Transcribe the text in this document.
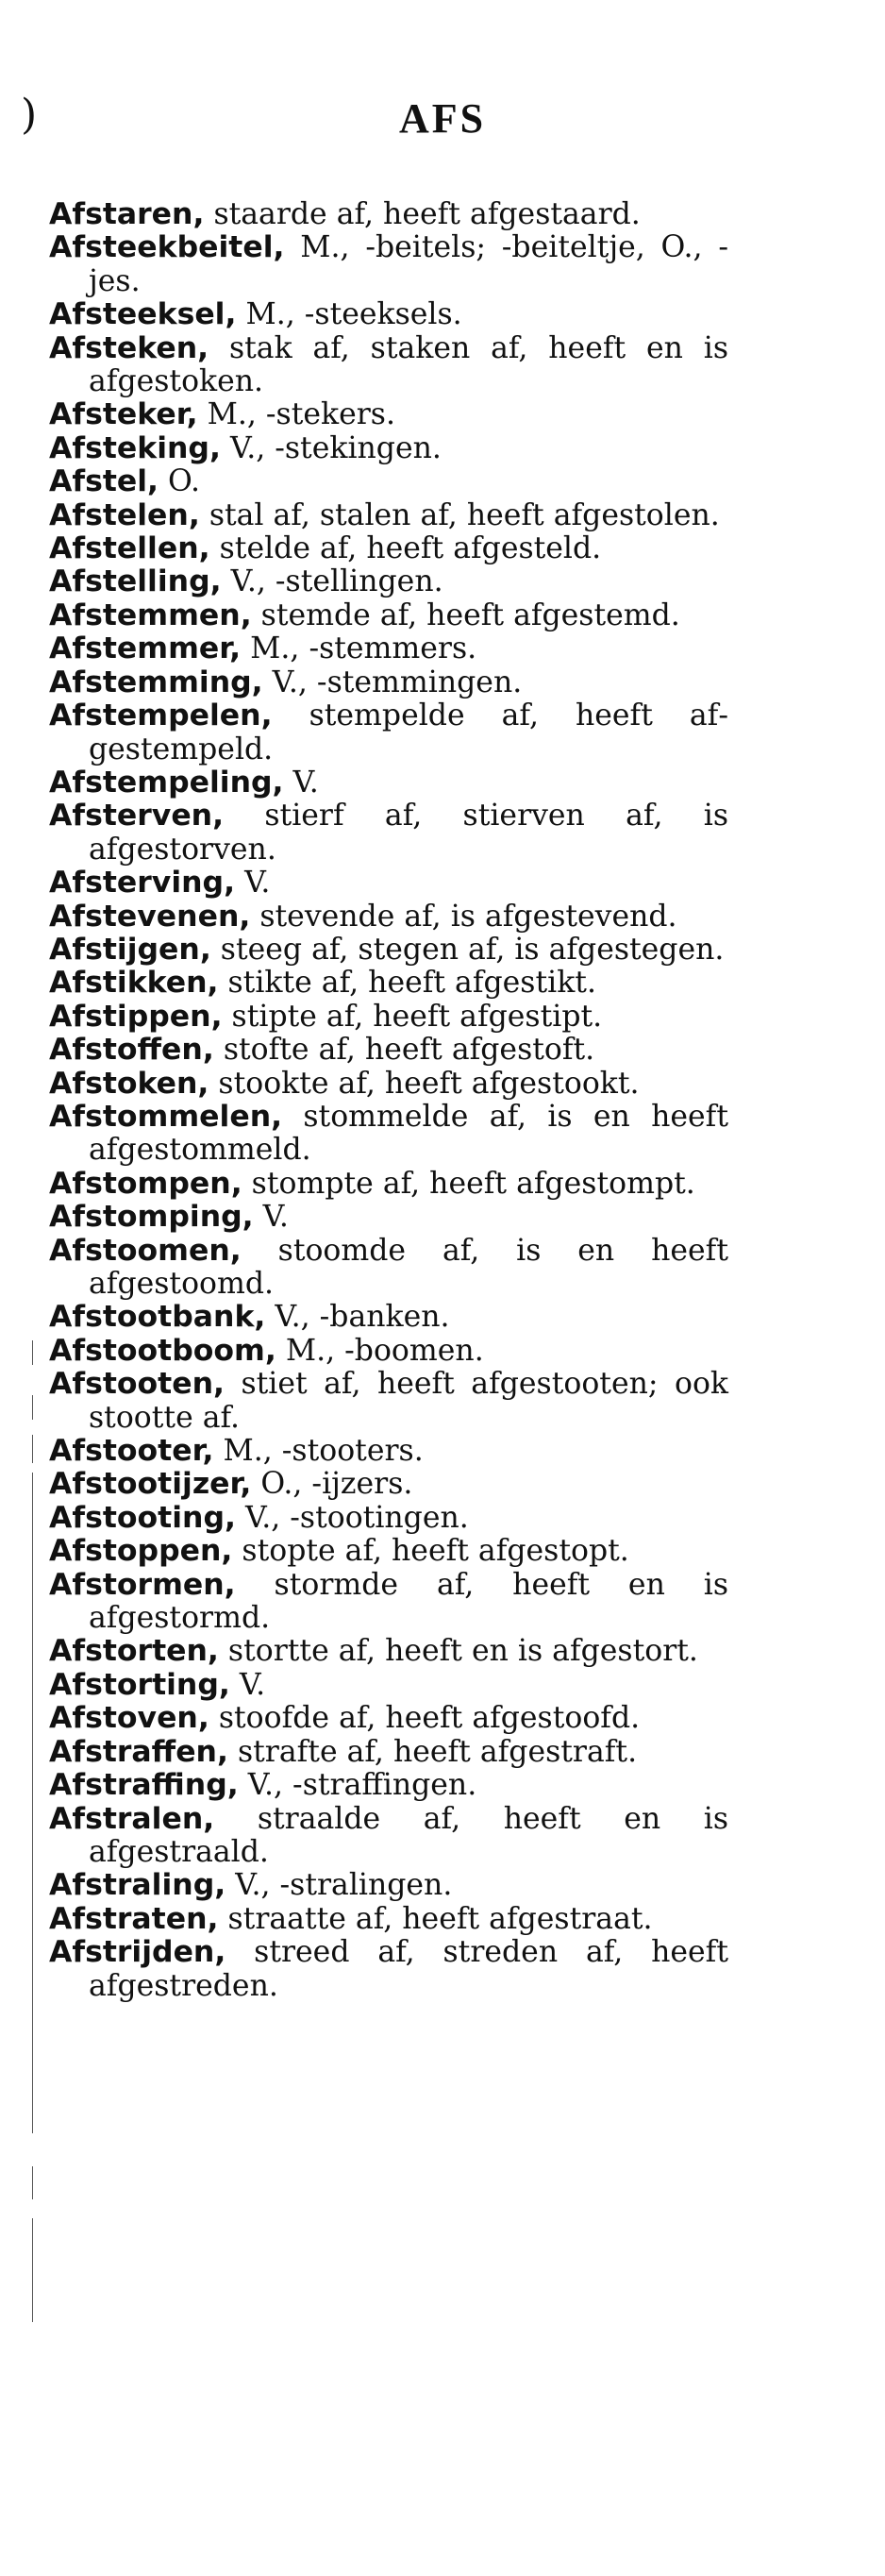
)	AFS

Afstaren, staarde af, heeft afgestaard.

Afsteekbeitel, M., -beitels; -beiteltje, O., -jes.

Afsteeksel, M., -steeksels.

Afsteken, stak af, staken af, heeft en is afgestoken.

Afsteker, M., -stekers.

Afsteking, V., -stekingen.

Afstel, O.

Afstelen, stal af, stalen af, heeft afgestolen.

Afstellen, stelde af, heeft afgesteld.

Afstelling, V., -stellingen.

Afstemmen, stemde af, heeft afgestemd.

Afstemmer, M., -stemmers.

Afstemming, V., -stemmingen.

Afstempelen, stempelde af, heeft afgestempeld.

Afstempeling, V.

Afsterven, stierf af, stierven af, is afgestorven.

Afsterving, V.

Afstevenen, stevende af, is afgestevend.

Afstijgen, steeg af, stegen af, is afgestegen.

Afstikken, stikte af, heeft afgestikt.

Afstippen, stipte af, heeft afgestipt.

Afstoffen, stofte af, heeft afgestoft.

Afstoken, stookte af, heeft afgestookt.

Afstommelen, stommelde af, is en heeft afgestommeld.

Afstompen, stompte af, heeft afgestompt.

Afstomping, V.

Afstoomen, stoomde af, is en heeft afgestoomd.

Afstootbank, V., -banken.

Afstootboom, M., -boomen.

Afstooten, stiet af, heeft afgestooten; ook stootte af.

Afstooter, M., -stooters.

Afstootijzer, O., -ijzers.

Afstooting, V., -stootingen.

Afstoppen, stopte af, heeft afgestopt.

Afstormen, stormde af, heeft en is afgestormd.

Afstorten, stortte af, heeft en is afgestort.

Afstorting, V.

Afstoven, stoofde af, heeft afgestoofd.

Afstraffen, strafte af, heeft afgestraft.

Afstraffing, V., -straffingen.

Afstralen, straalde af, heeft en is afgestraald.

Afstraling, V., -stralingen.

Afstraten, straatte af, heeft afgestraat.

Afstrijden, streed af, streden af, heeft afgestreden.
